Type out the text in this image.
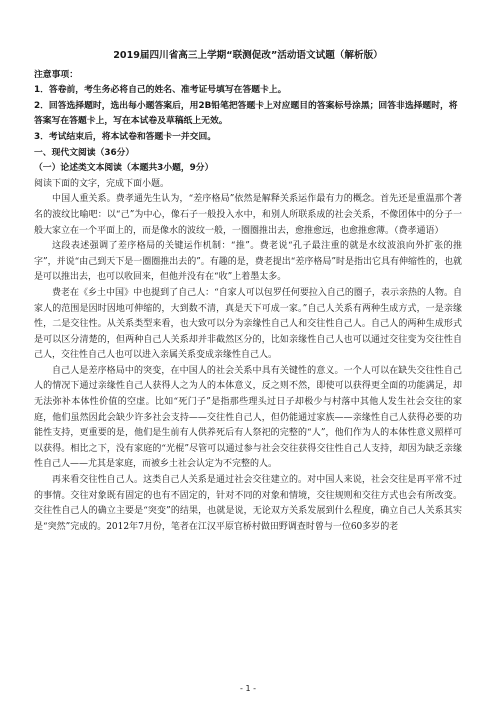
2019届四川省高三上学期“联测促改”活动语文试题（解析版）

注意事项：

1．答卷前，考生务必将自己的姓名、准考证号填写在答题卡上。

2．回答选择题时，选出每小题答案后，用2B铅笔把答题卡上对应题目的答案标号涂黑；回答非选择题时，将答案写在答题卡上，写在本试卷及草稿纸上无效。

3．考试结束后，将本试卷和答题卡一并交回。

一、现代文阅读（36分）

（一）论述类文本阅读（本题共3小题，9分）

阅读下面的文字，完成下面小题。

中国人重关系。费孝通先生认为，“差序格局”依然是解释关系运作最有力的概念。首先还是重温那个著名的波纹比喻吧：以“己”为中心，像石子一般投入水中，和别人所联系成的社会关系，不像团体中的分子一般大家立在一个平面上的，而是像水的波纹一般，一圈圈推出去，愈推愈远，也愈推愈薄。（费孝通语）

这段表述强调了差序格局的关键运作机制：“推”。费老说“孔子最注重的就是水纹波浪向外扩张的推字”，并说“由己到天下是一圈圈推出去的”。有趣的是，费老提出“差序格局”时是指出它具有伸缩性的，也就是可以推出去，也可以收回来，但他并没有在“收”上着墨太多。

费老在《乡土中国》中也提到了自己人：“自家人可以包罗任何要拉入自己的圈子，表示亲热的人物。自家人的范围是因时因地可伸缩的，大到数不清，真是天下可成一家。”自己人关系有两种生成方式，一是亲缘性，二是交往性。从关系类型来看，也大致可以分为亲缘性自己人和交往性自己人。自己人的两种生成形式是可以区分清楚的，但两种自己人关系却并非截然区分的，比如亲缘性自己人也可以通过交往变为交往性自己人，交往性自己人也可以进入亲属关系变成亲缘性自己人。

自己人是差序格局中的突变，在中国人的社会关系中具有关键性的意义。一个人可以在缺失交往性自己人的情况下通过亲缘性自己人获得人之为人的本体意义，反之则不然，即使可以获得更全面的功能满足，却无法弥补本体性价值的空虚。比如“死门子”是指那些理头过日子却极少与村落中其他人发生社会交往的家庭，他们虽然因此会缺少许多社会支持——交往性自己人，但仍能通过家族——亲缘性自己人获得必要的功能性支持，更重要的是，他们是生前有人供养死后有人祭祀的完整的“人”，他们作为人的本体性意义照样可以获得。相比之下，没有家庭的“光棍”尽管可以通过参与社会交往获得交往性自己人支持，却因为缺乏亲缘性自己人——尤其是家庭，而被乡土社会认定为不完整的人。

再来看交往性自己人。这类自己人关系是通过社会交往建立的。对中国人来说，社会交往是再平常不过的事情。交往对象既有固定的也有不固定的，针对不同的对象和情境，交往规则和交往方式也会有所改变。交往性自己人的确立主要是“突变”的结果，也就是说，无论双方关系发展到什么程度，确立自己人关系其实是“突然”完成的。2012年7月份，笔者在江汉平原官桥村做田野调查时曾与一位60多岁的老

- 1 -
